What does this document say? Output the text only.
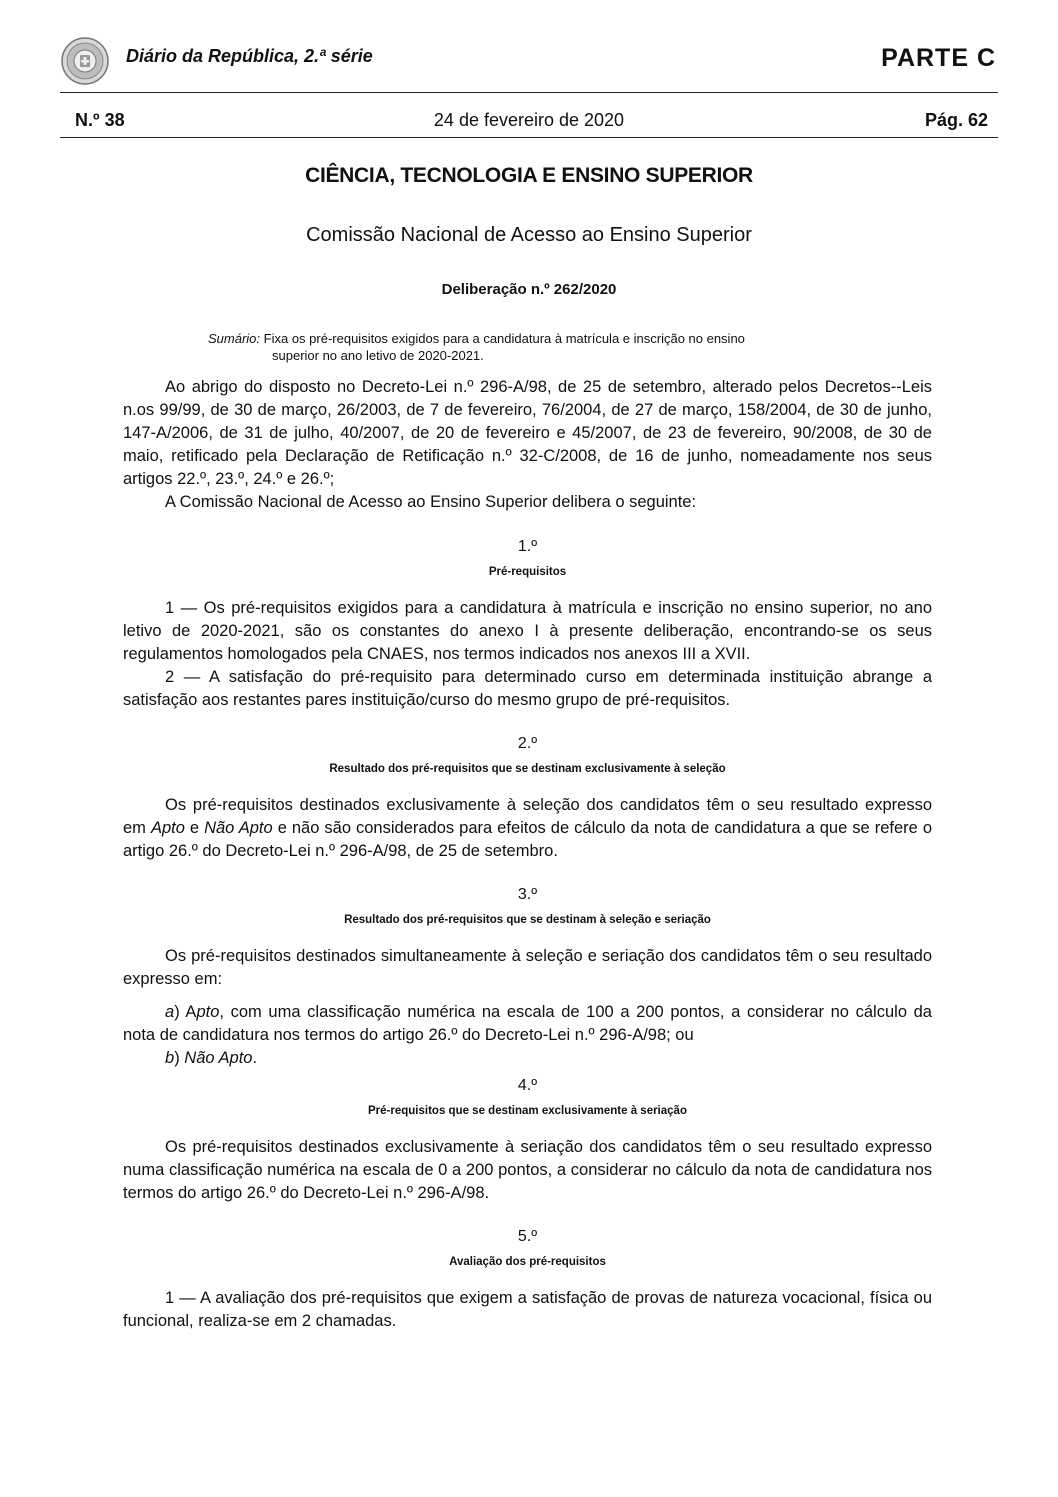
Diário da República, 2.ª série	PARTE C
N.º 38	24 de fevereiro de 2020	Pág. 62
CIÊNCIA, TECNOLOGIA E ENSINO SUPERIOR
Comissão Nacional de Acesso ao Ensino Superior
Deliberação n.º 262/2020
Sumário: Fixa os pré-requisitos exigidos para a candidatura à matrícula e inscrição no ensino
superior no ano letivo de 2020-2021.

Ao abrigo do disposto no Decreto-Lei n.º 296-A/98, de 25 de setembro, alterado pelos Decretos--Leis n.os 99/99, de 30 de março, 26/2003, de 7 de fevereiro, 76/2004, de 27 de março, 158/2004, de 30 de junho, 147-A/2006, de 31 de julho, 40/2007, de 20 de fevereiro e 45/2007, de 23 de fevereiro, 90/2008, de 30 de maio, retificado pela Declaração de Retificação n.º 32-C/2008, de 16 de junho, nomeadamente nos seus artigos 22.º, 23.º, 24.º e 26.º;

A Comissão Nacional de Acesso ao Ensino Superior delibera o seguinte:

1.º
Pré-requisitos

1 — Os pré-requisitos exigidos para a candidatura à matrícula e inscrição no ensino superior, no ano letivo de 2020-2021, são os constantes do anexo I à presente deliberação, encontrando-se os seus regulamentos homologados pela CNAES, nos termos indicados nos anexos III a XVII.

2 — A satisfação do pré-requisito para determinado curso em determinada instituição abrange a satisfação aos restantes pares instituição/curso do mesmo grupo de pré-requisitos.

2.º
Resultado dos pré-requisitos que se destinam exclusivamente à seleção

Os pré-requisitos destinados exclusivamente à seleção dos candidatos têm o seu resultado expresso em Apto e Não Apto e não são considerados para efeitos de cálculo da nota de candidatura a que se refere o artigo 26.º do Decreto-Lei n.º 296-A/98, de 25 de setembro.

3.º
Resultado dos pré-requisitos que se destinam à seleção e seriação

Os pré-requisitos destinados simultaneamente à seleção e seriação dos candidatos têm o seu resultado expresso em:

a) Apto, com uma classificação numérica na escala de 100 a 200 pontos, a considerar no cálculo da nota de candidatura nos termos do artigo 26.º do Decreto-Lei n.º 296-A/98; ou

b) Não Apto.

4.º
Pré-requisitos que se destinam exclusivamente à seriação

Os pré-requisitos destinados exclusivamente à seriação dos candidatos têm o seu resultado expresso numa classificação numérica na escala de 0 a 200 pontos, a considerar no cálculo da nota de candidatura nos termos do artigo 26.º do Decreto-Lei n.º 296-A/98.

5.º
Avaliação dos pré-requisitos

1 — A avaliação dos pré-requisitos que exigem a satisfação de provas de natureza vocacional, física ou funcional, realiza-se em 2 chamadas.
